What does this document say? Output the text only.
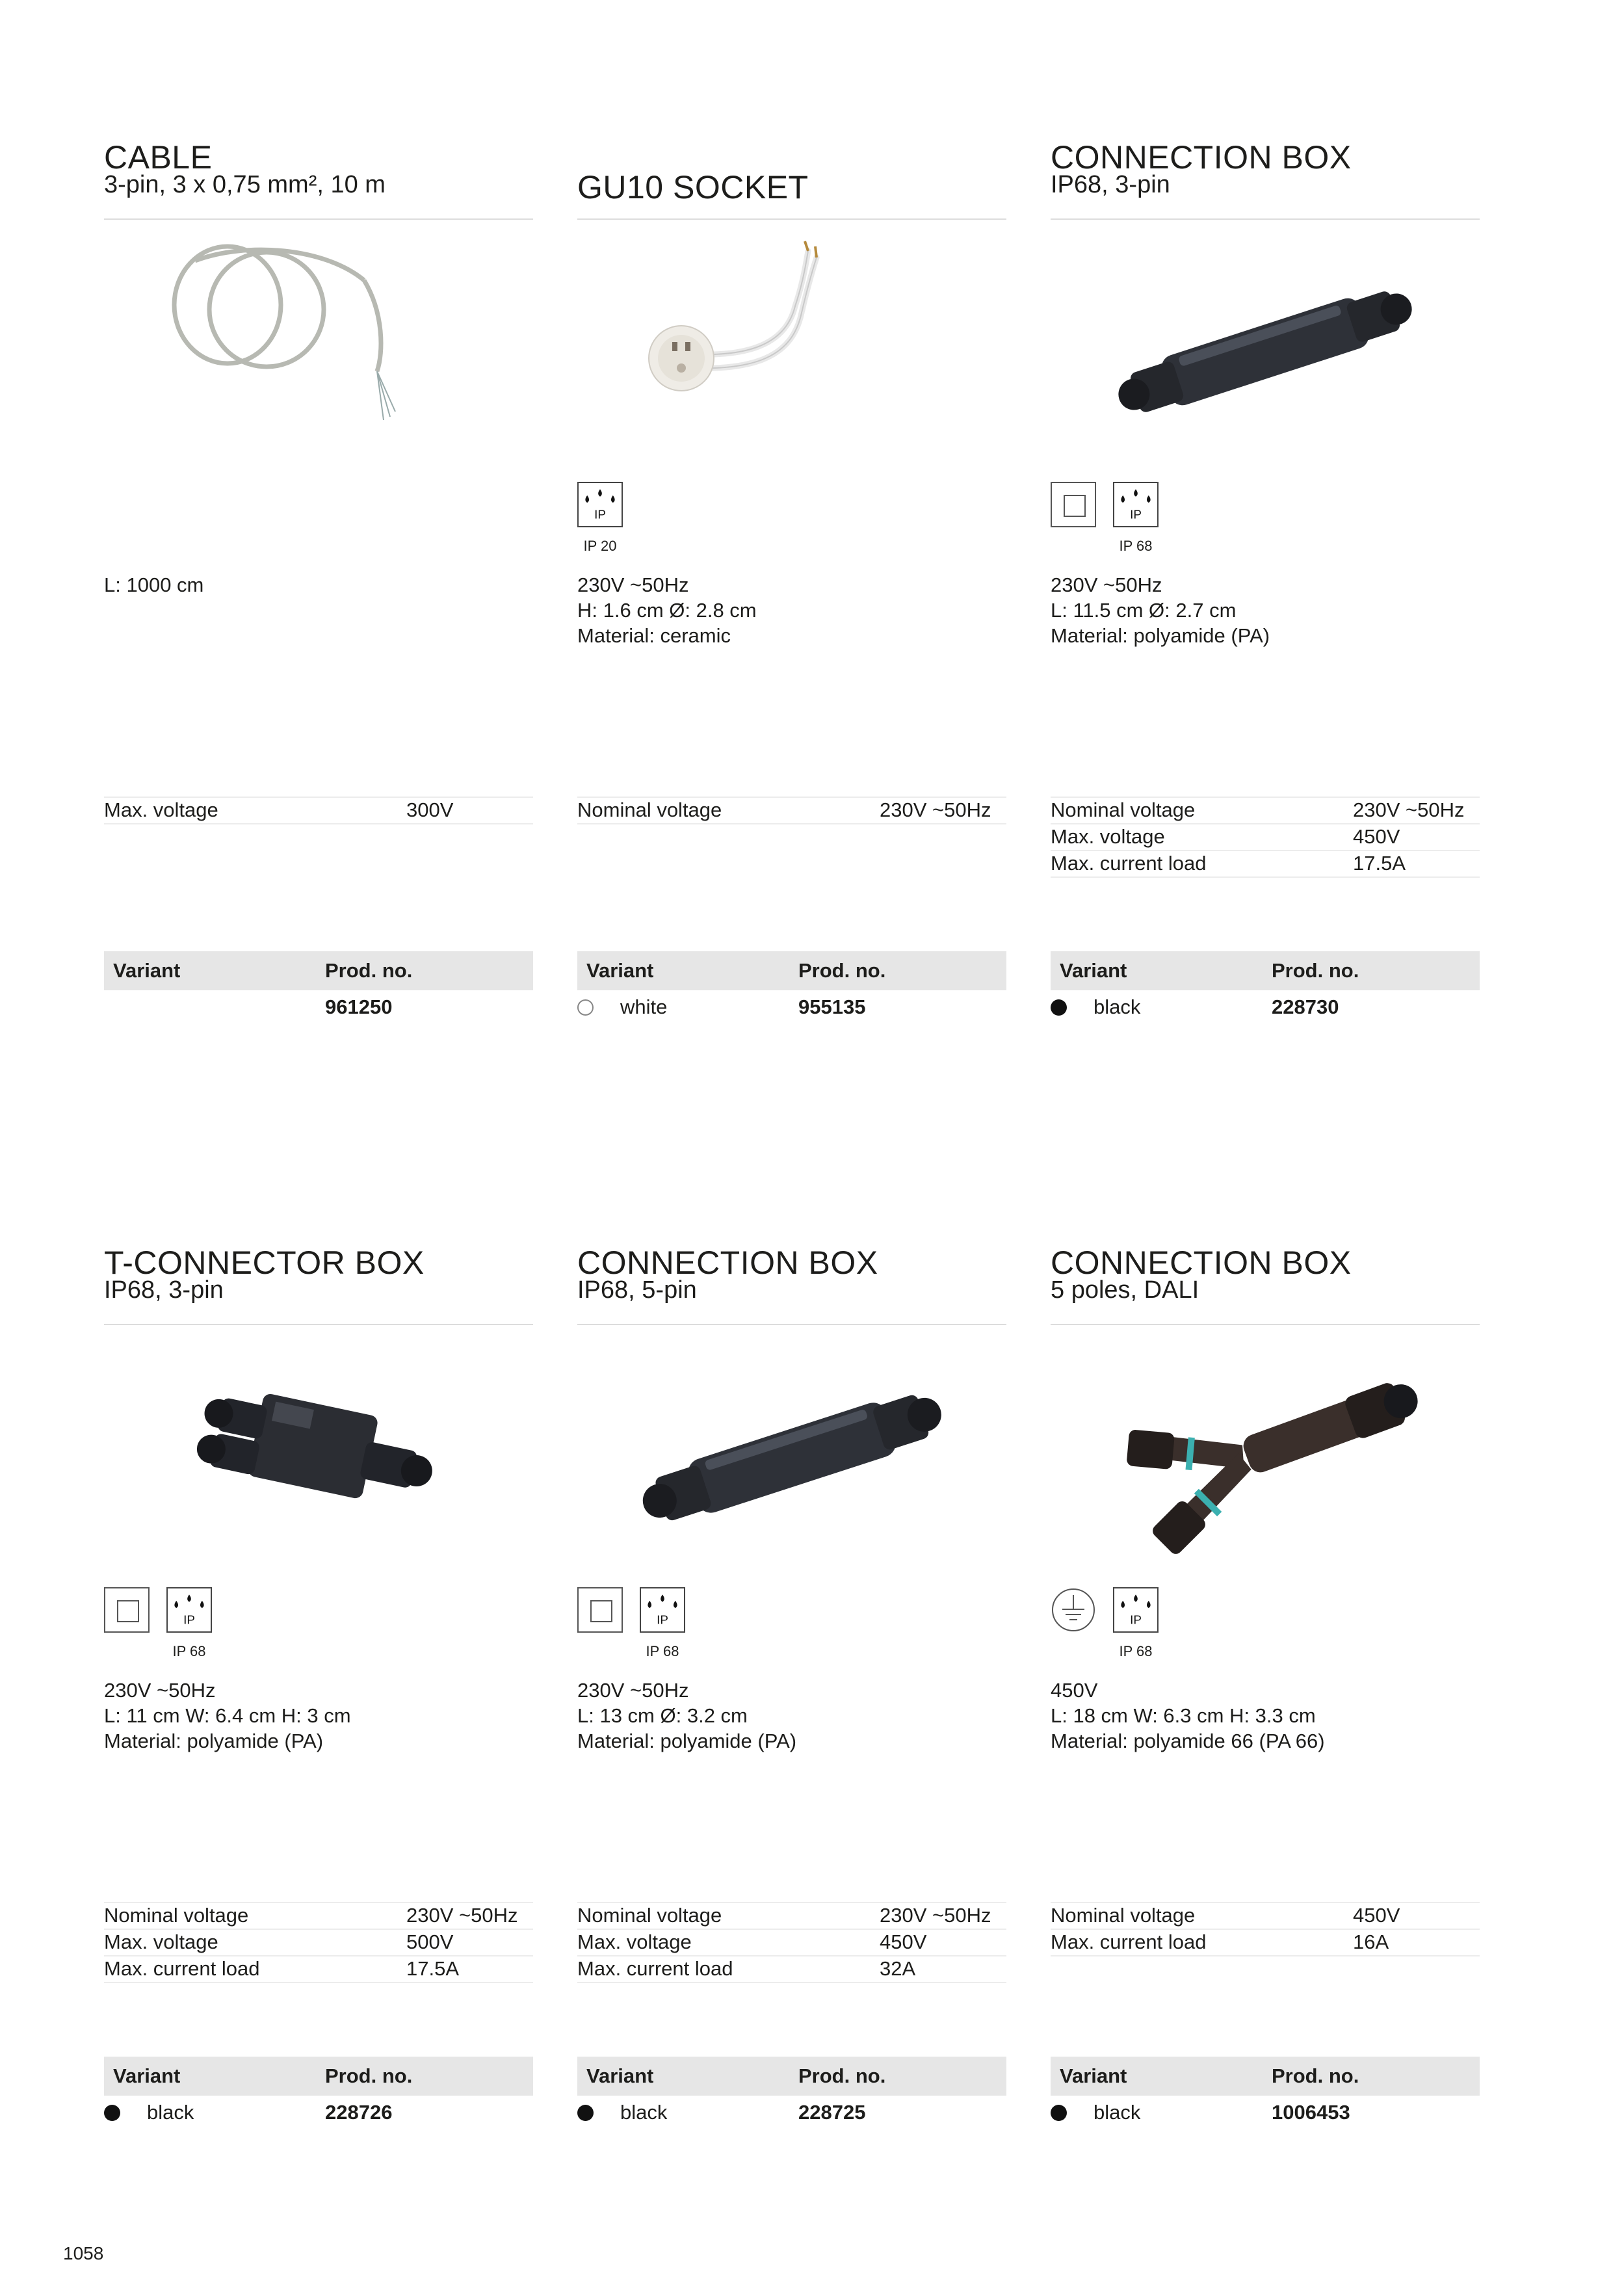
CABLE
3-pin, 3 x 0,75 mm², 10 m
L: 1000 cm
Max. voltage	300V
Variant	Prod. no.
961250
GU10 SOCKET
IP
IP 20
230V ~50Hz
H: 1.6 cm Ø: 2.8 cm
Material: ceramic
Nominal voltage	230V ~50Hz
Variant	Prod. no.
white	955135
CONNECTION BOX
IP68, 3-pin
IP
IP 68
230V ~50Hz
L: 11.5 cm Ø: 2.7 cm
Material: polyamide (PA)
Nominal voltage	230V ~50Hz
Max. voltage	450V
Max. current load	17.5A
Variant	Prod. no.
black	228730
T-CONNECTOR BOX
IP68, 3-pin
IP
IP 68
230V ~50Hz
L: 11 cm W: 6.4 cm H: 3 cm
Material: polyamide (PA)
Nominal voltage	230V ~50Hz
Max. voltage	500V
Max. current load	17.5A
Variant	Prod. no.
black	228726
CONNECTION BOX
IP68, 5-pin
IP
IP 68
230V ~50Hz
L: 13 cm Ø: 3.2 cm
Material: polyamide (PA)
Nominal voltage	230V ~50Hz
Max. voltage	450V
Max. current load	32A
Variant	Prod. no.
black	228725
CONNECTION BOX
5 poles, DALI
IP
IP 68
450V
L: 18 cm W: 6.3 cm H: 3.3 cm
Material: polyamide 66 (PA 66)
Nominal voltage	450V
Max. current load	16A
Variant	Prod. no.
black	1006453
1058
